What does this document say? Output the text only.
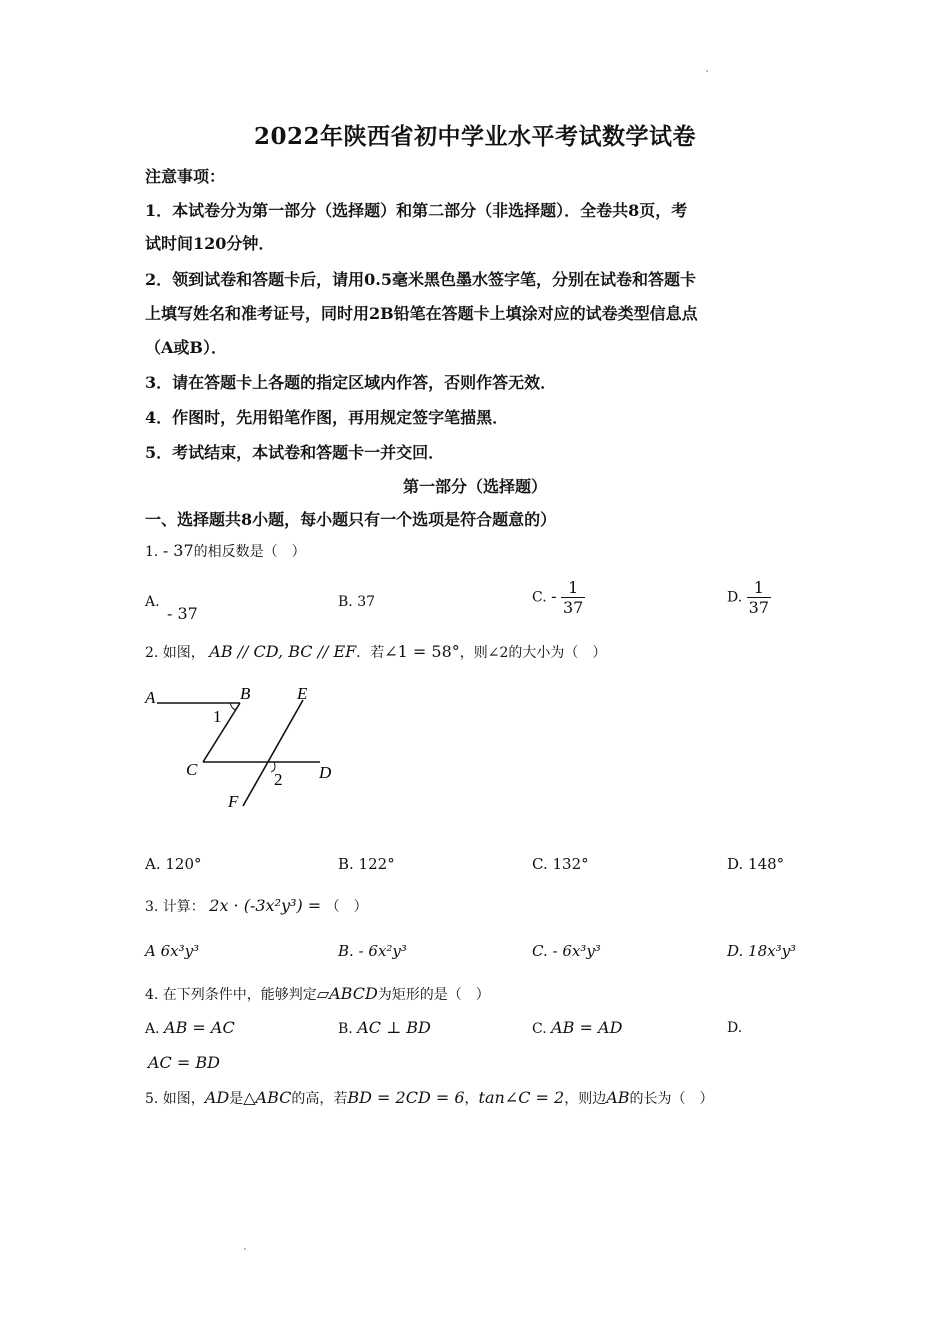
2022年陕西省初中学业水平考试数学试卷
注意事项：
1．本试卷分为第一部分（选择题）和第二部分（非选择题）．全卷共8页，考
试时间120分钟．
2．领到试卷和答题卡后，请用0.5毫米黑色墨水签字笔，分别在试卷和答题卡
上填写姓名和准考证号，同时用2B铅笔在答题卡上填涂对应的试卷类型信息点
（A或B）．
3．请在答题卡上各题的指定区域内作答，否则作答无效．
4．作图时，先用铅笔作图，再用规定签字笔描黑．
5．考试结束，本试卷和答题卡一并交回．
第一部分（选择题）
一、选择题共8小题，每小题只有一个选项是符合题意的）
1. - 37的相反数是（　）
A.
- 37
B. 37	C. - $\frac{1}{37}$	D. $\frac{1}{37}$
2. 如图， AB // CD, BC // EF．若∠1 = 58°，则∠2的大小为（　）
A	B	E
1
C
2 D
F
A. 120°	B. 122°	C. 132°	D. 148°
3. 计算： 2x · (-3x²y³) = （　）
A 6x³y³	B. - 6x²y³	C. - 6x³y³	D. 18x³y³
4. 在下列条件中，能够判定▱ABCD为矩形的是（　）
A. AB = AC	B. AC ⊥ BD	C. AB = AD	D.
AC = BD
5. 如图，AD是△ABC的高，若BD = 2CD = 6，tan∠C = 2，则边AB的长为（　）
